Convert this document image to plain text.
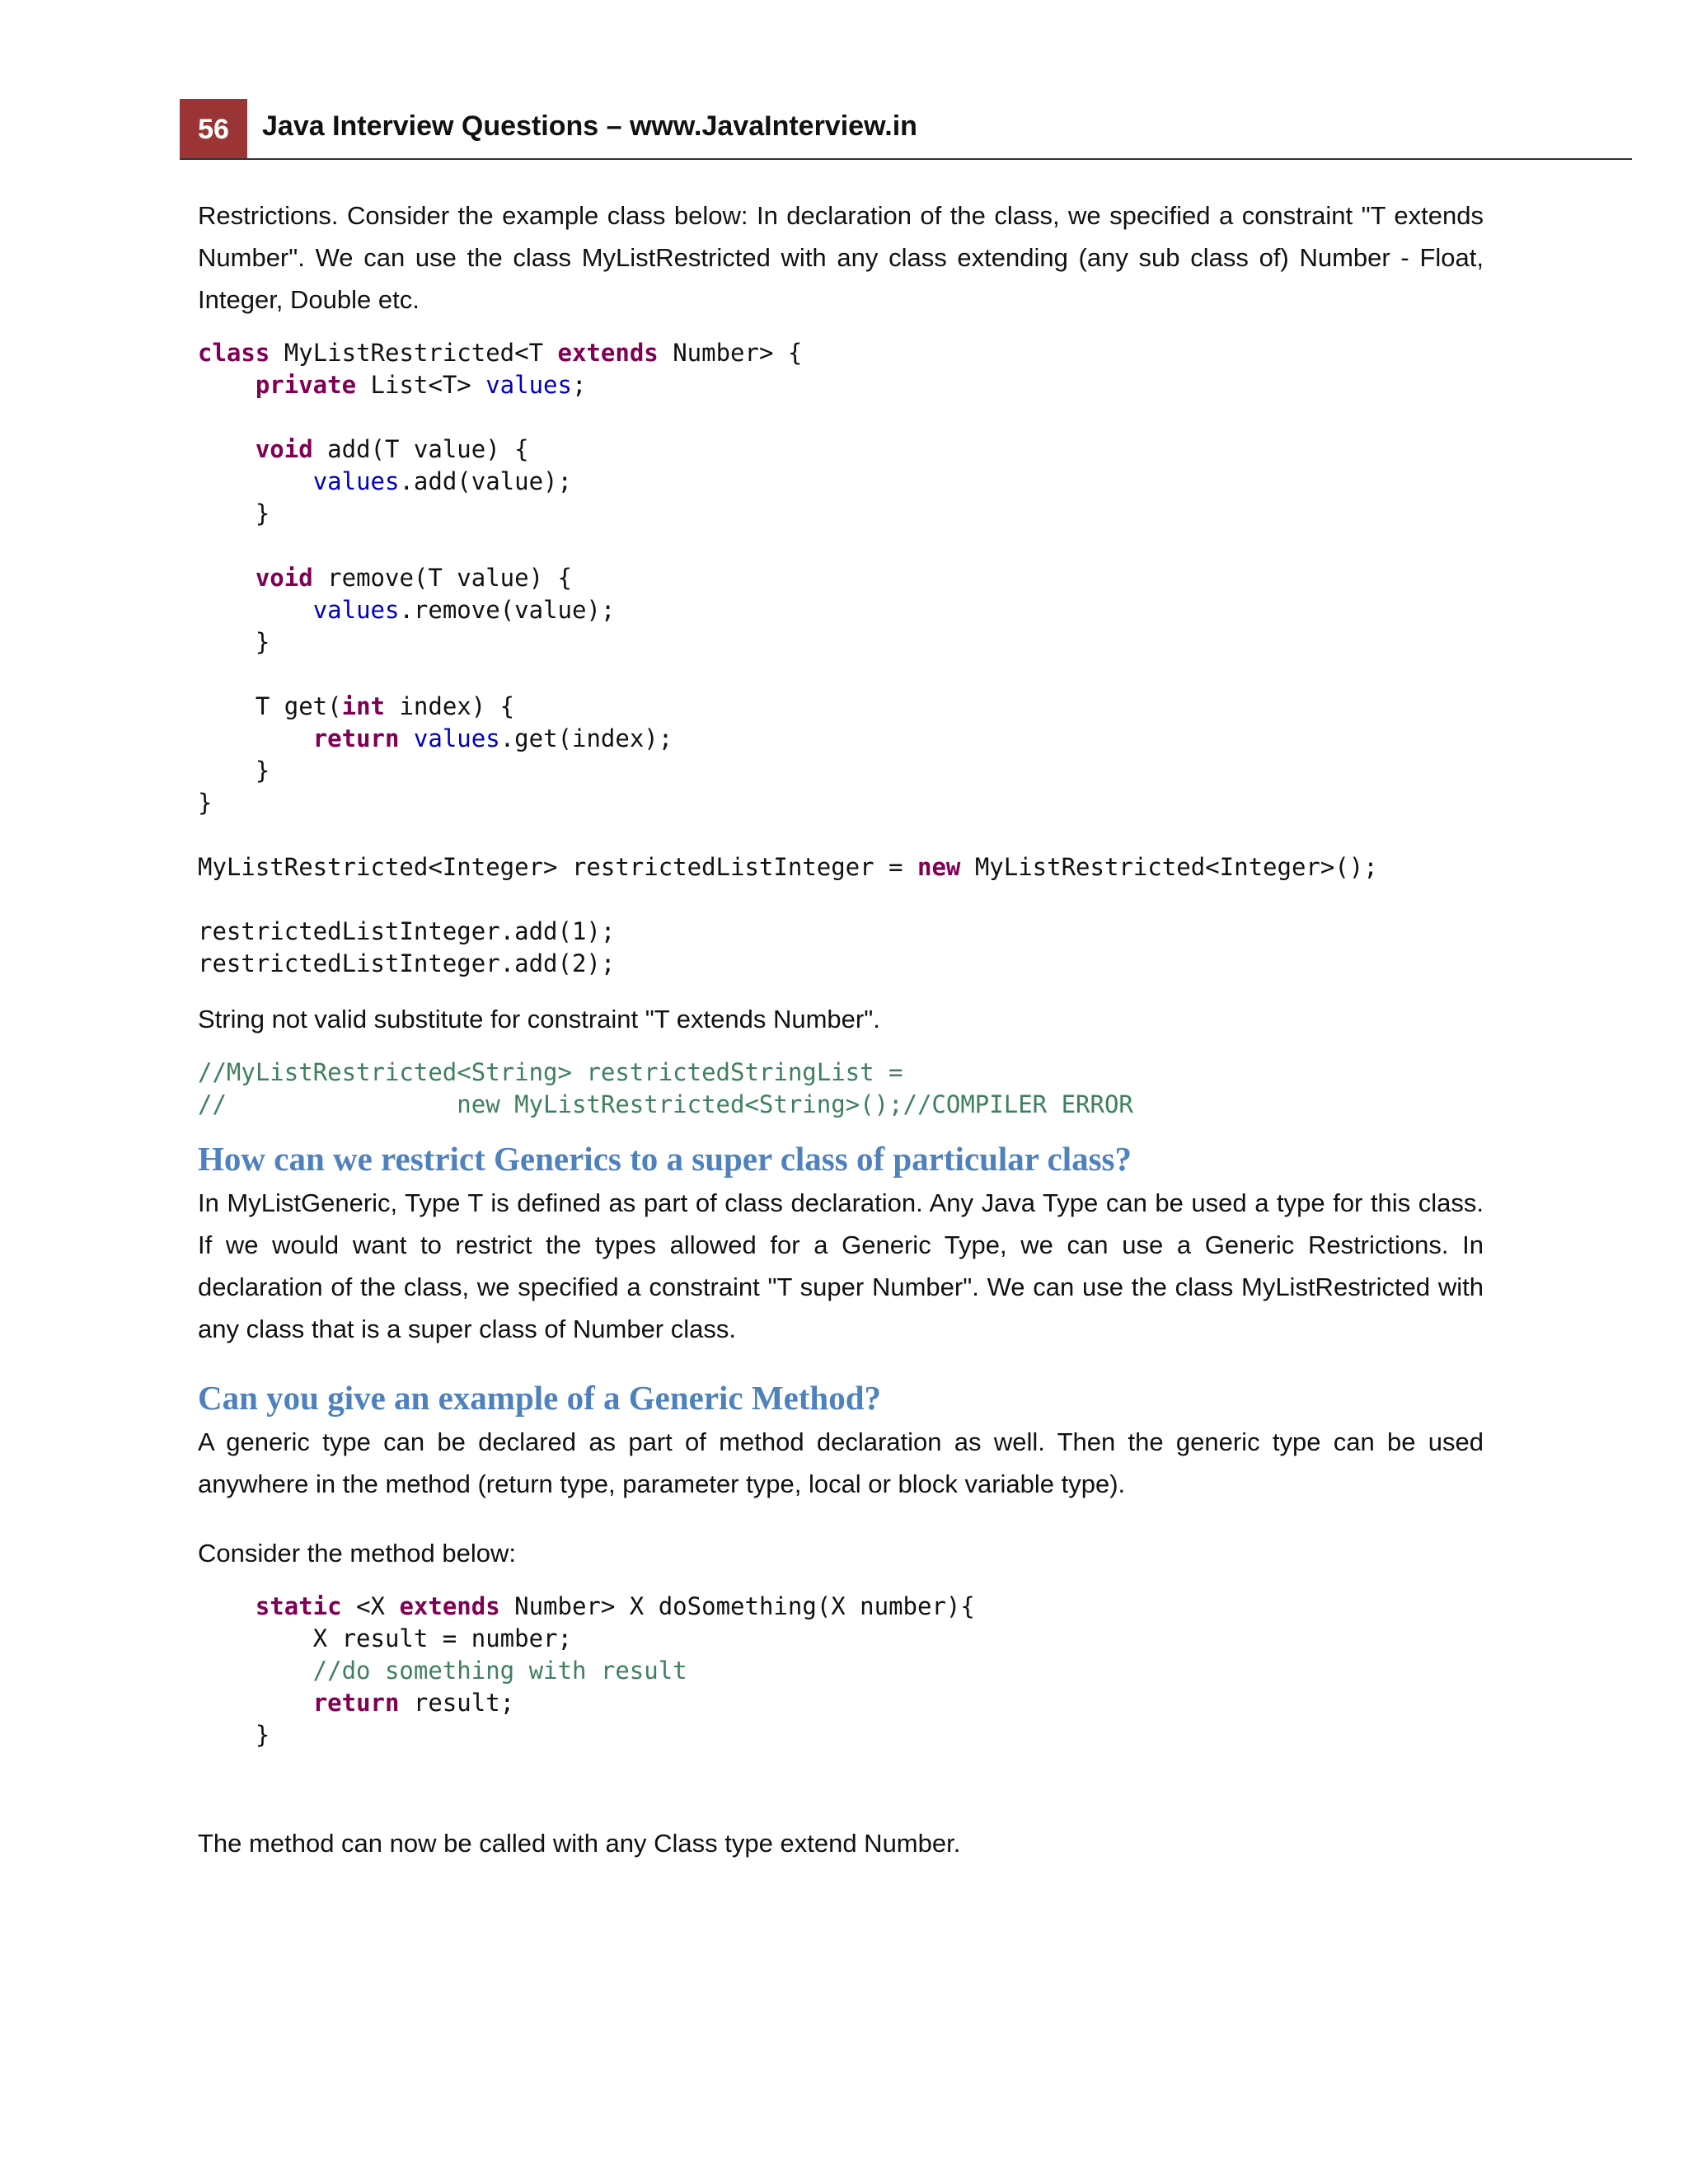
56	Java Interview Questions – www.JavaInterview.in

Restrictions. Consider the example class below: In declaration of the class, we specified a constraint "T extends Number". We can use the class MyListRestricted with any class extending (any sub class of) Number - Float, Integer, Double etc.

class MyListRestricted<T extends Number> {
private List<T> values;

void add(T value) {
values.add(value);
}

void remove(T value) {
values.remove(value);
}

T get(int index) {
return values.get(index);
}
}
MyListRestricted<Integer> restrictedListInteger = new MyListRestricted<Integer>();
restrictedListInteger.add(1);
restrictedListInteger.add(2);

String not valid substitute for constraint "T extends Number".

//MyListRestricted<String> restrictedStringList =
//                new MyListRestricted<String>();//COMPILER ERROR
How can we restrict Generics to a super class of particular class?

In MyListGeneric, Type T is defined as part of class declaration. Any Java Type can be used a type for this class. If we would want to restrict the types allowed for a Generic Type, we can use a Generic Restrictions. In declaration of the class, we specified a constraint "T super Number". We can use the class MyListRestricted with any class that is a super class of Number class.

Can you give an example of a Generic Method?

A generic type can be declared as part of method declaration as well. Then the generic type can be used anywhere in the method (return type, parameter type, local or block variable type).

Consider the method below:

static <X extends Number> X doSomething(X number){
X result = number;
//do something with result
return result;
}

The method can now be called with any Class type extend Number.
